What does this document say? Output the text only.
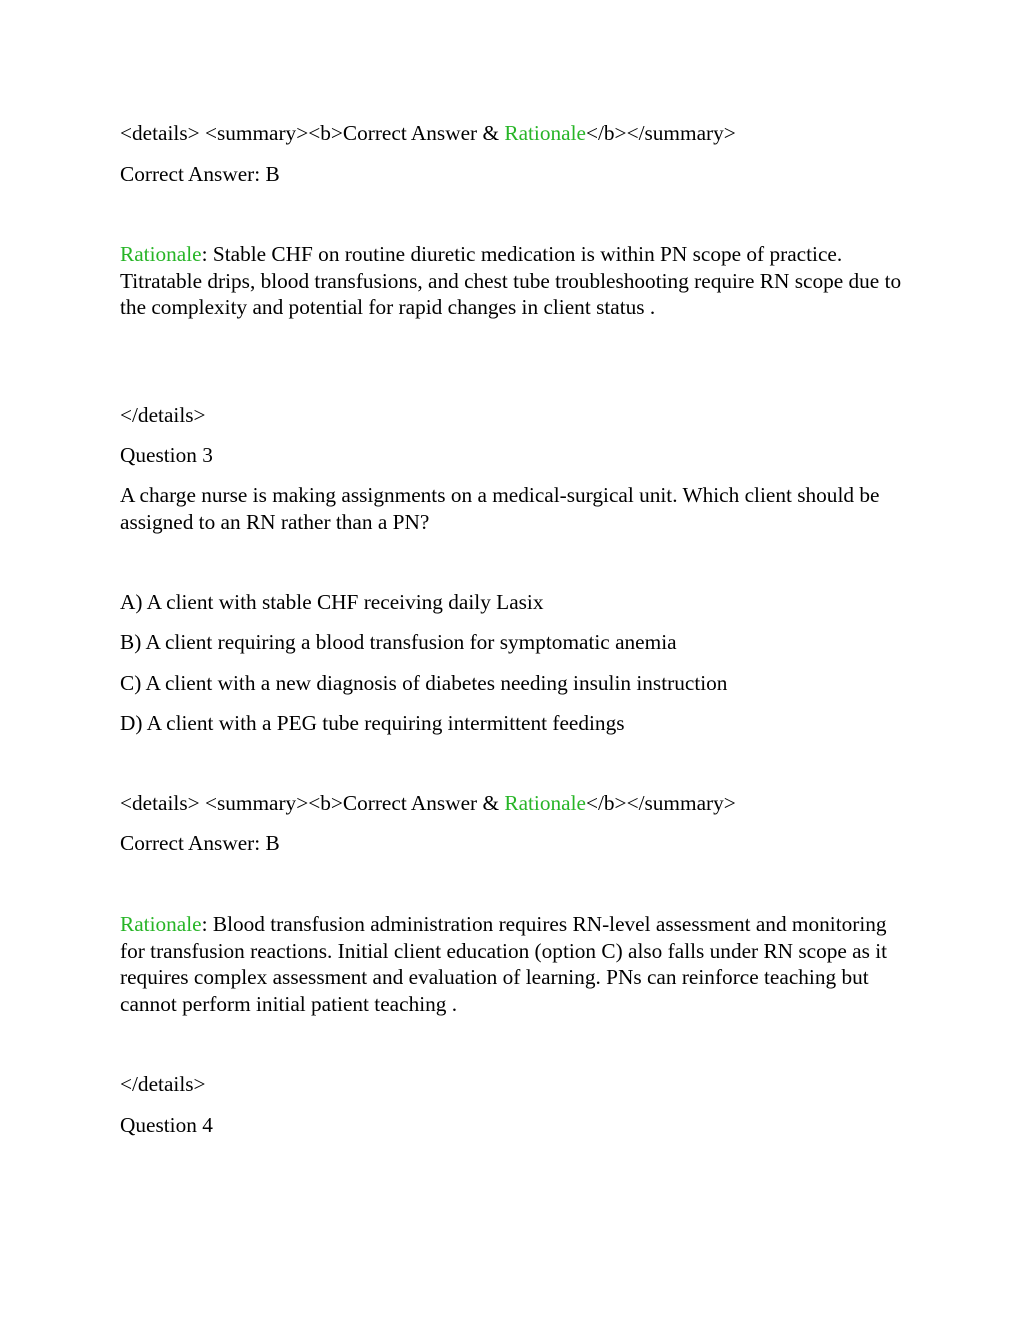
<details> <summary><b>Correct Answer & Rationale</b></summary>

Correct Answer: B

Rationale: Stable CHF on routine diuretic medication is within PN scope of practice. Titratable drips, blood transfusions, and chest tube troubleshooting require RN scope due to the complexity and potential for rapid changes in client status .

</details>

Question 3

A charge nurse is making assignments on a medical-surgical unit. Which client should be assigned to an RN rather than a PN?

A) A client with stable CHF receiving daily Lasix

B) A client requiring a blood transfusion for symptomatic anemia

C) A client with a new diagnosis of diabetes needing insulin instruction

D) A client with a PEG tube requiring intermittent feedings

<details> <summary><b>Correct Answer & Rationale</b></summary>

Correct Answer: B

Rationale: Blood transfusion administration requires RN-level assessment and monitoring for transfusion reactions. Initial client education (option C) also falls under RN scope as it requires complex assessment and evaluation of learning. PNs can reinforce teaching but cannot perform initial patient teaching .

</details>

Question 4
